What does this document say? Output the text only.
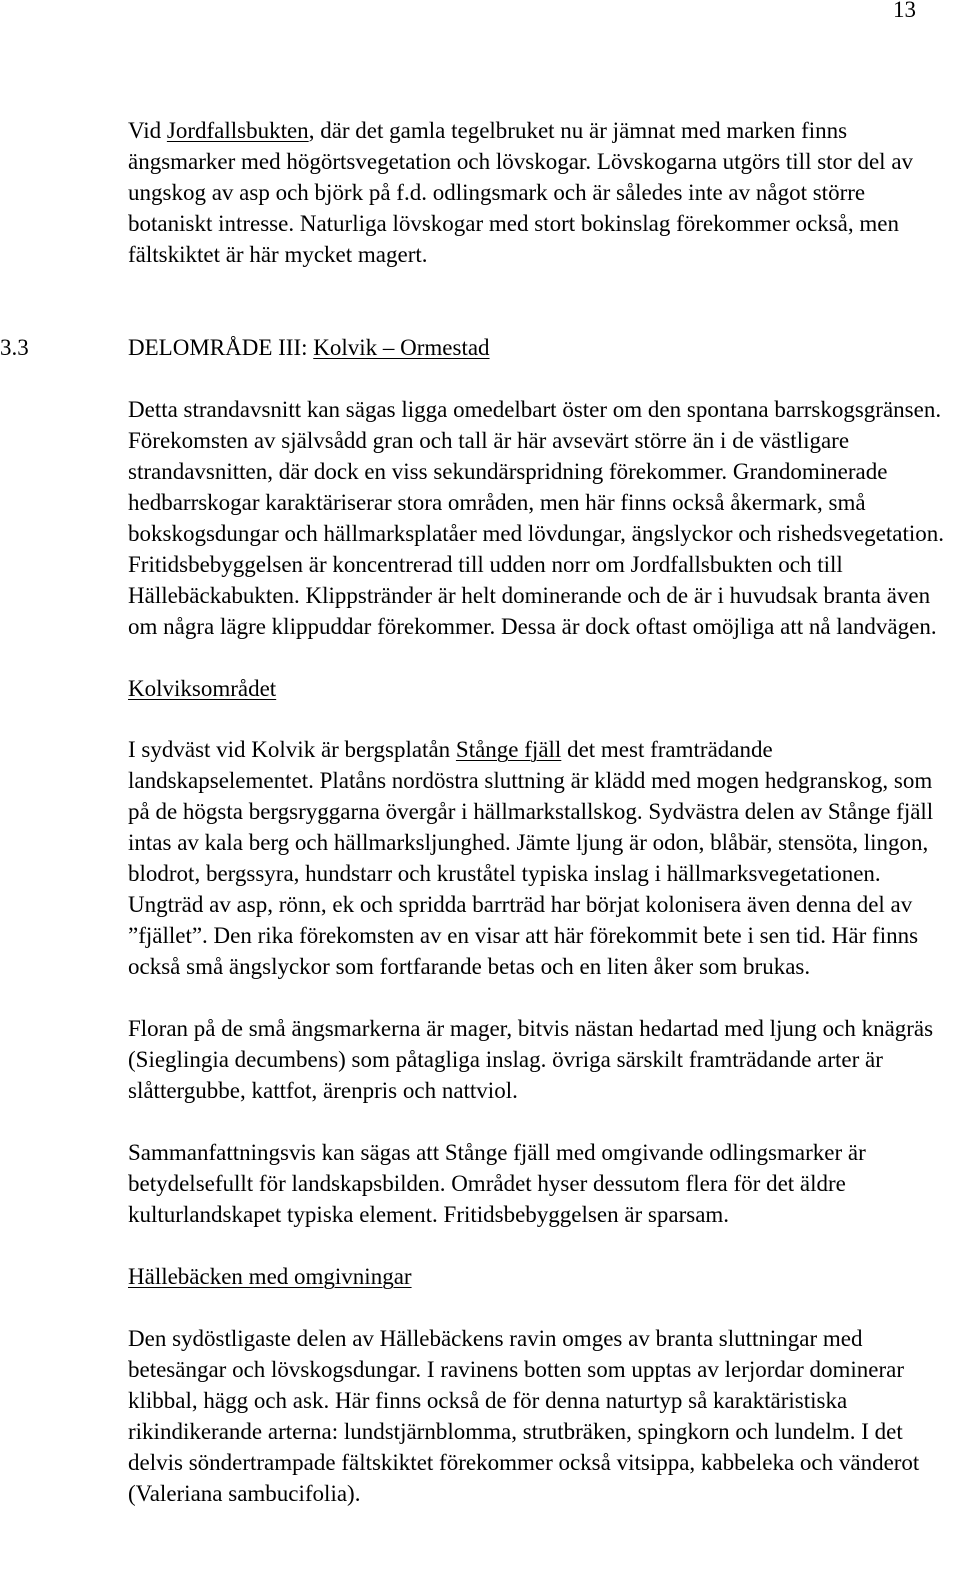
13

Vid Jordfallsbukten, där det gamla tegelbruket nu är jämnat med marken finns ängsmarker med högörtsvegetation och lövskogar. Lövskogarna utgörs till stor del av ungskog av asp och björk på f.d. odlingsmark och är således inte av något större botaniskt intresse. Naturliga lövskogar med stort bokinslag förekommer också, men fältskiktet är här mycket magert.

3.3	DELOMRÅDE III: Kolvik – Ormestad

Detta strandavsnitt kan sägas ligga omedelbart öster om den spontana barrskogsgränsen. Förekomsten av självsådd gran och tall är här avsevärt större än i de västligare strandavsnitten, där dock en viss sekundärspridning förekommer. Grandominerade hedbarrskogar karaktäriserar stora områden, men här finns också åkermark, små bokskogsdungar och hällmarksplatåer med lövdungar, ängslyckor och rishedsvegetation. Fritidsbebyggelsen är koncentrerad till udden norr om Jordfallsbukten och till Hällebäckabukten. Klippstränder är helt dominerande och de är i huvudsak branta även om några lägre klippuddar förekommer. Dessa är dock oftast omöjliga att nå landvägen.

Kolviksområdet

I sydväst vid Kolvik är bergsplatån Stånge fjäll det mest framträdande landskapselementet. Platåns nordöstra sluttning är klädd med mogen hedgranskog, som på de högsta bergsryggarna övergår i hällmarkstallskog. Sydvästra delen av Stånge fjäll intas av kala berg och hällmarksljunghed. Jämte ljung är odon, blåbär, stensöta, lingon, blodrot, bergssyra, hundstarr och kruståtel typiska inslag i hällmarksvegetationen. Ungträd av asp, rönn, ek och spridda barrträd har börjat kolonisera även denna del av ”fjället”. Den rika förekomsten av en visar att här förekommit bete i sen tid. Här finns också små ängslyckor som fortfarande betas och en liten åker som brukas.

Floran på de små ängsmarkerna är mager, bitvis nästan hedartad med ljung och knägräs (Sieglingia decumbens) som påtagliga inslag. övriga särskilt framträdande arter är slåttergubbe, kattfot, ärenpris och nattviol.

Sammanfattningsvis kan sägas att Stånge fjäll med omgivande odlingsmarker är betydelsefullt för landskapsbilden. Området hyser dessutom flera för det äldre kulturlandskapet typiska element. Fritidsbebyggelsen är sparsam.

Hällebäcken med omgivningar

Den sydöstligaste delen av Hällebäckens ravin omges av branta sluttningar med betesängar och lövskogsdungar. I ravinens botten som upptas av lerjordar dominerar klibbal, hägg och ask. Här finns också de för denna naturtyp så karaktäristiska rikindikerande arterna: lundstjärnblomma, strutbräken, spingkorn och lundelm. I det delvis söndertrampade fältskiktet förekommer också vitsippa, kabbeleka och vänderot (Valeriana sambucifolia).
